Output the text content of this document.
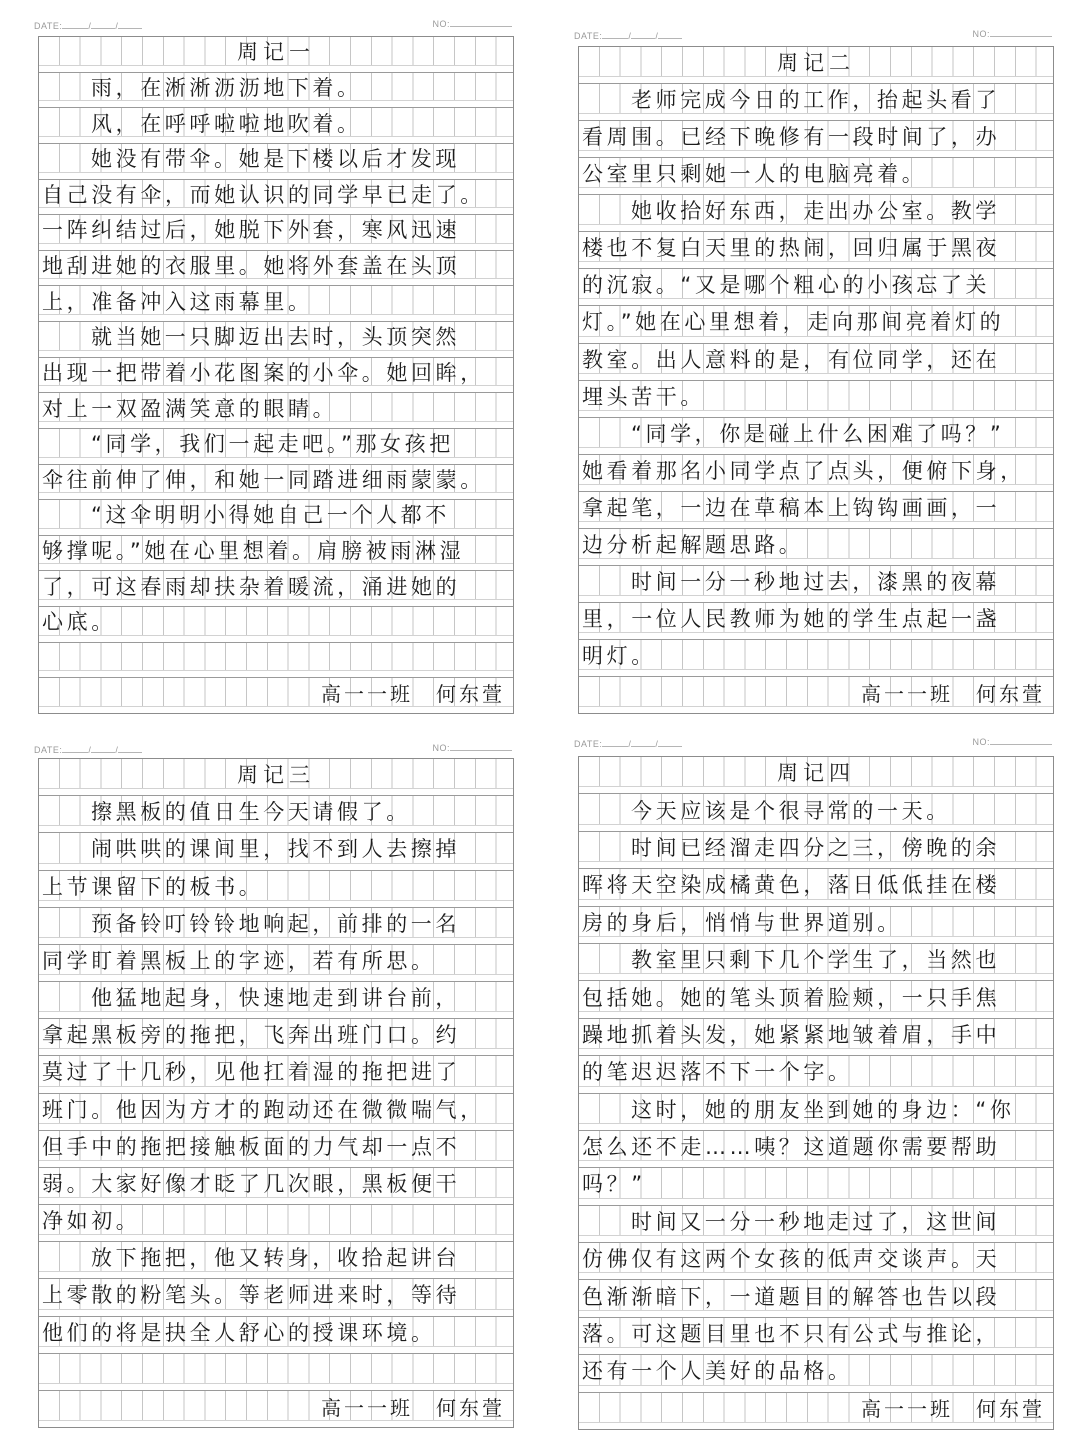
DATE:	/	/	NO:
周记一
雨，在淅淅沥沥地下着。
风，在呼呼啦啦地吹着。
她没有带伞。她是下楼以后才发现
自己没有伞，而她认识的同学早已走了。
一阵纠结过后，她脱下外套，寒风迅速
地刮进她的衣服里。她将外套盖在头顶
上，准备冲入这雨幕里。
就当她一只脚迈出去时，头顶突然
出现一把带着小花图案的小伞。她回眸，
对上一双盈满笑意的眼睛。
“同学，我们一起走吧。”那女孩把
伞往前伸了伸，和她一同踏进细雨蒙蒙。
“这伞明明小得她自己一个人都不
够撑呢。”她在心里想着。肩膀被雨淋湿
了，可这春雨却扶杂着暖流，涌进她的
心底。
高一一班　何东萱
DATE:	/	/	NO:
周记二
老师完成今日的工作，抬起头看了
看周围。已经下晚修有一段时间了，办
公室里只剩她一人的电脑亮着。
她收拾好东西，走出办公室。教学
楼也不复白天里的热闹，回归属于黑夜
的沉寂。“又是哪个粗心的小孩忘了关
灯。”她在心里想着，走向那间亮着灯的
教室。出人意料的是，有位同学，还在
埋头苦干。
“同学，你是碰上什么困难了吗？”
她看着那名小同学点了点头，便俯下身，
拿起笔，一边在草稿本上钩钩画画，一
边分析起解题思路。
时间一分一秒地过去，漆黑的夜幕
里，一位人民教师为她的学生点起一盏
明灯。
高一一班　何东萱
DATE:	/	/	NO:
周记三
擦黑板的值日生今天请假了。
闹哄哄的课间里，找不到人去擦掉
上节课留下的板书。
预备铃叮铃铃地响起，前排的一名
同学盯着黑板上的字迹，若有所思。
他猛地起身，快速地走到讲台前，
拿起黑板旁的拖把，飞奔出班门口。约
莫过了十几秒，见他扛着湿的拖把进了
班门。他因为方才的跑动还在微微喘气，
但手中的拖把接触板面的力气却一点不
弱。大家好像才眨了几次眼，黑板便干
净如初。
放下拖把，他又转身，收拾起讲台
上零散的粉笔头。等老师进来时，等待
他们的将是抉全人舒心的授课环境。
高一一班　何东萱
DATE:	/	/	NO:
周记四
今天应该是个很寻常的一天。
时间已经溜走四分之三，傍晚的余
晖将天空染成橘黄色，落日低低挂在楼
房的身后，悄悄与世界道别。
教室里只剩下几个学生了，当然也
包括她。她的笔头顶着脸颊，一只手焦
躁地抓着头发，她紧紧地皱着眉，手中
的笔迟迟落不下一个字。
这时，她的朋友坐到她的身边：“你
怎么还不走……咦？这道题你需要帮助
吗？”
时间又一分一秒地走过了，这世间
仿佛仅有这两个女孩的低声交谈声。天
色渐渐暗下，一道题目的解答也告以段
落。可这题目里也不只有公式与推论，
还有一个人美好的品格。
高一一班　何东萱
